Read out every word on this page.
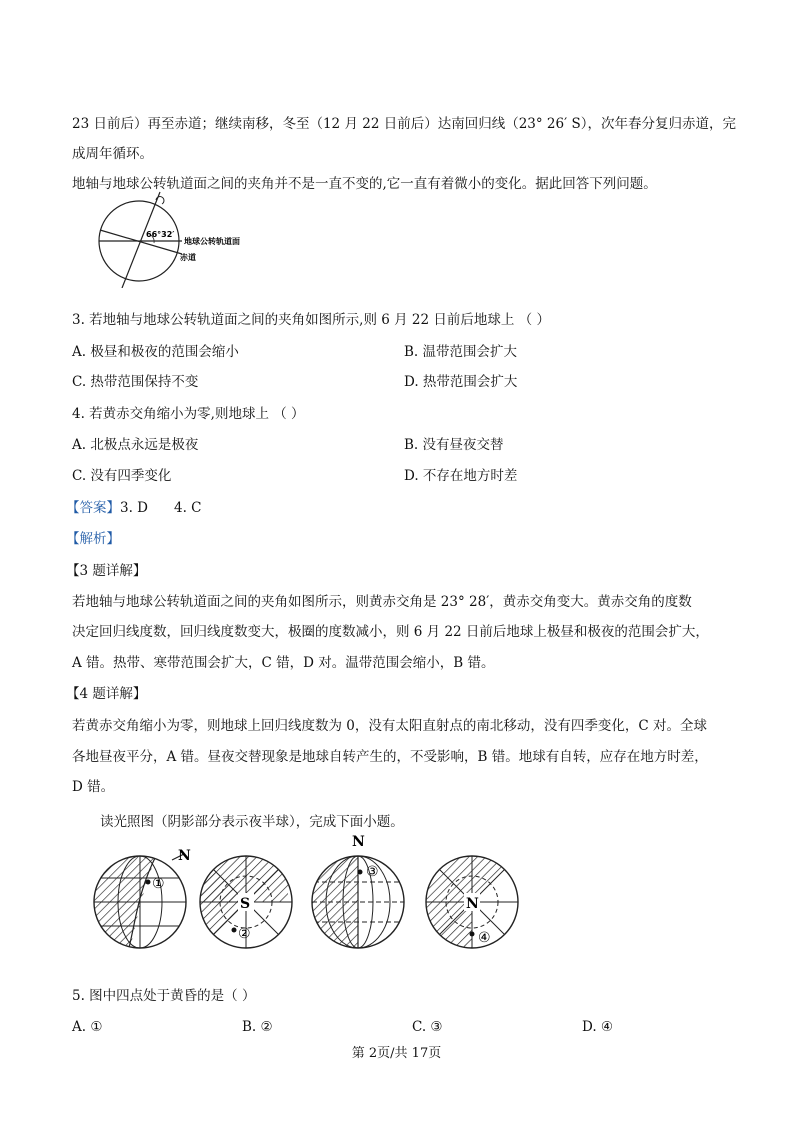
23 日前后）再至赤道；继续南移，冬至（12 月 22 日前后）达南回归线（23° 26′ S），次年春分复归赤道，完
成周年循环。
地轴与地球公转轨道面之间的夹角并不是一直不变的,它一直有着微小的变化。据此回答下列问题。
66°32′
地球公转轨道面
赤道
3. 若地轴与地球公转轨道面之间的夹角如图所示,则 6 月 22 日前后地球上 （ ）
A. 极昼和极夜的范围会缩小	B. 温带范围会扩大
C. 热带范围保持不变	D. 热带范围会扩大
4. 若黄赤交角缩小为零,则地球上 （ ）
A. 北极点永远是极夜	B. 没有昼夜交替
C. 没有四季变化	D. 不存在地方时差
【答案】3. D 4. C
【解析】
【3 题详解】
若地轴与地球公转轨道面之间的夹角如图所示，则黄赤交角是 23° 28′，黄赤交角变大。黄赤交角的度数
决定回归线度数，回归线度数变大，极圈的度数减小，则 6 月 22 日前后地球上极昼和极夜的范围会扩大，
A 错。热带、寒带范围会扩大，C 错，D 对。温带范围会缩小，B 错。
【4 题详解】
若黄赤交角缩小为零，则地球上回归线度数为 0，没有太阳直射点的南北移动，没有四季变化，C 对。全球
各地昼夜平分，A 错。昼夜交替现象是地球自转产生的，不受影响，B 错。地球有自转，应存在地方时差，
D 错。
读光照图（阴影部分表示夜半球），完成下面小题。
N
①
S
②
N
③
N
④
5. 图中四点处于黄昏的是（ ）
A. ①	B. ②	C. ③	D. ④
第 2页/共 17页
